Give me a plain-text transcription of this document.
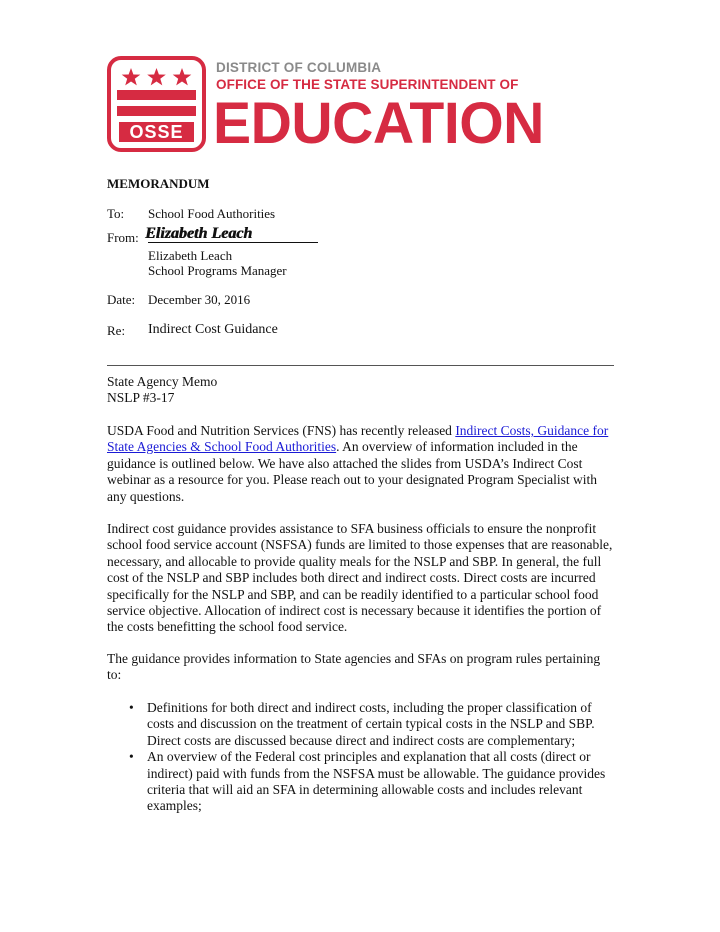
OSSE
DISTRICT OF COLUMBIA
OFFICE OF THE STATE SUPERINTENDENT OF
EDUCATION
MEMORANDUM
To: School Food Authorities
From: Elizabeth Leach
Elizabeth Leach
School Programs Manager
Date: December 30, 2016
Re: Indirect Cost Guidance

State Agency Memo

NSLP #3-17

USDA Food and Nutrition Services (FNS) has recently released Indirect Costs, Guidance for State Agencies & School Food Authorities. An overview of information included in the guidance is outlined below. We have also attached the slides from USDA’s Indirect Cost webinar as a resource for you. Please reach out to your designated Program Specialist with any questions.

Indirect cost guidance provides assistance to SFA business officials to ensure the nonprofit school food service account (NSFSA) funds are limited to those expenses that are reasonable, necessary, and allocable to provide quality meals for the NSLP and SBP. In general, the full cost of the NSLP and SBP includes both direct and indirect costs. Direct costs are incurred specifically for the NSLP and SBP, and can be readily identified to a particular school food service objective. Allocation of indirect cost is necessary because it identifies the portion of the costs benefitting the school food service.

The guidance provides information to State agencies and SFAs on program rules pertaining to:

• Definitions for both direct and indirect costs, including the proper classification of costs and discussion on the treatment of certain typical costs in the NSLP and SBP. Direct costs are discussed because direct and indirect costs are complementary;
• An overview of the Federal cost principles and explanation that all costs (direct or indirect) paid with funds from the NSFSA must be allowable. The guidance provides criteria that will aid an SFA in determining allowable costs and includes relevant examples;
